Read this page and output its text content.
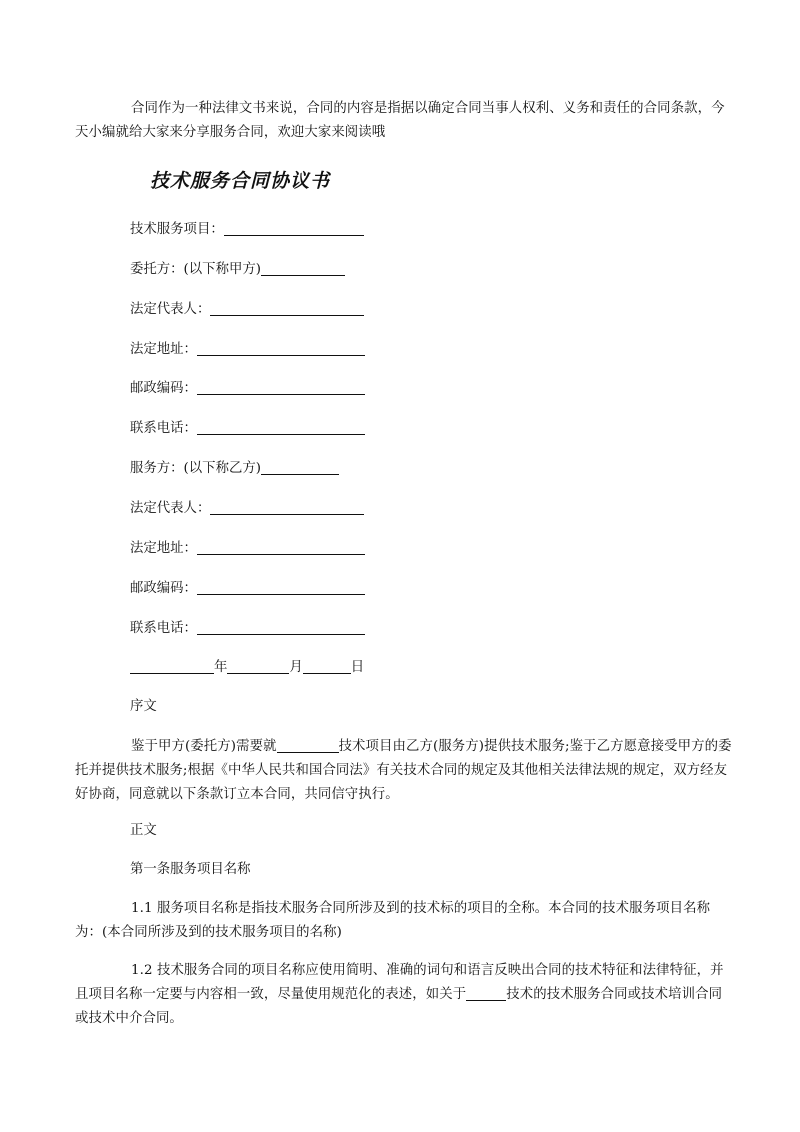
合同作为一种法律文书来说，合同的内容是指据以确定合同当事人权利、义务和责任的合同条款，今天小编就给大家来分享服务合同，欢迎大家来阅读哦

技术服务合同协议书

技术服务项目：

委托方：(以下称甲方)

法定代表人：

法定地址：

邮政编码：

联系电话：

服务方：(以下称乙方)

法定代表人：

法定地址：

邮政编码：

联系电话：

年	月	日

序文

鉴于甲方(委托方)需要就	技术项目由乙方(服务方)提供技术服务;鉴于乙方愿意接受甲方的委托并提供技术服务;根据《中华人民共和国合同法》有关技术合同的规定及其他相关法律法规的规定，双方经友好协商，同意就以下条款订立本合同，共同信守执行。

正文

第一条服务项目名称

1.1 服务项目名称是指技术服务合同所涉及到的技术标的项目的全称。本合同的技术服务项目名称为：(本合同所涉及到的技术服务项目的名称)

1.2 技术服务合同的项目名称应使用简明、准确的词句和语言反映出合同的技术特征和法律特征，并且项目名称一定要与内容相一致，尽量使用规范化的表述，如关于	技术的技术服务合同或技术培训合同或技术中介合同。
